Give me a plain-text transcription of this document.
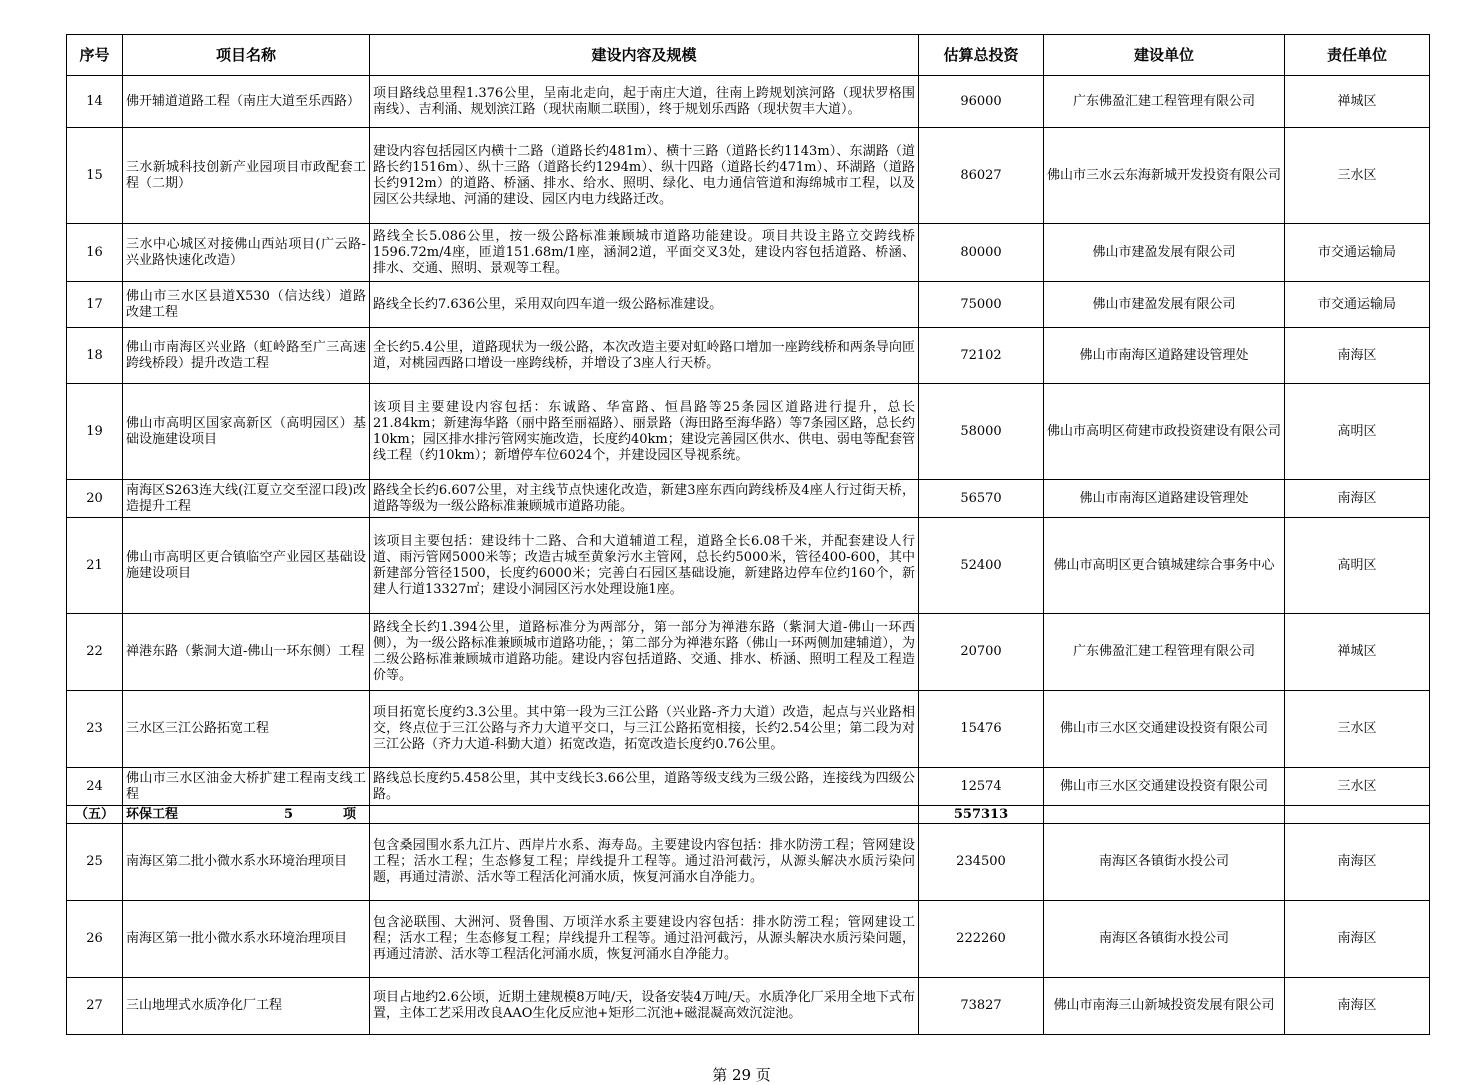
序号	项目名称	建设内容及规模	估算总投资	建设单位	责任单位
14	佛开辅道道路工程（南庄大道至乐西路）	项目路线总里程1.376公里，呈南北走向，起于南庄大道，往南上跨规划滨河路（现状罗格围南线）、吉利涌、规划滨江路（现状南顺二联围），终于规划乐西路（现状贺丰大道）。	96000	广东佛盈汇建工程管理有限公司	禅城区
15	三水新城科技创新产业园项目市政配套工程（二期）	建设内容包括园区内横十二路（道路长约481m）、横十三路（道路长约1143m）、东湖路（道路长约1516m）、纵十三路（道路长约1294m）、纵十四路（道路长约471m）、环湖路（道路长约912m）的道路、桥涵、排水、给水、照明、绿化、电力通信管道和海绵城市工程，以及园区公共绿地、河涌的建设、园区内电力线路迁改。	86027	佛山市三水云东海新城开发投资有限公司	三水区
16	三水中心城区对接佛山西站项目(广云路-兴业路快速化改造）	路线全长5.086公里，按一级公路标准兼顾城市道路功能建设。项目共设主路立交跨线桥1596.72m/4座，匝道151.68m/1座，涵洞2道，平面交叉3处，建设内容包括道路、桥涵、排水、交通、照明、景观等工程。	80000	佛山市建盈发展有限公司	市交通运输局
17	佛山市三水区县道X530（信达线）道路改建工程	路线全长约7.636公里，采用双向四车道一级公路标准建设。	75000	佛山市建盈发展有限公司	市交通运输局
18	佛山市南海区兴业路（虹岭路至广三高速跨线桥段）提升改造工程	全长约5.4公里，道路现状为一级公路，本次改造主要对虹岭路口增加一座跨线桥和两条导向匝道，对桃园西路口增设一座跨线桥，并增设了3座人行天桥。	72102	佛山市南海区道路建设管理处	南海区
19	佛山市高明区国家高新区（高明园区）基础设施建设项目	该项目主要建设内容包括：东诚路、华富路、恒昌路等25条园区道路进行提升，总长21.84km；新建海华路（丽中路至丽福路）、丽景路（海田路至海华路）等7条园区路，总长约10km；园区排水排污管网实施改造，长度约40km；建设完善园区供水、供电、弱电等配套管线工程（约10km）；新增停车位6024个，并建设园区导视系统。	58000	佛山市高明区荷建市政投资建设有限公司	高明区
20	南海区S263连大线(江夏立交至涩口段)改造提升工程	路线全长约6.607公里，对主线节点快速化改造，新建3座东西向跨线桥及4座人行过街天桥，道路等级为一级公路标准兼顾城市道路功能。	56570	佛山市南海区道路建设管理处	南海区
21	佛山市高明区更合镇临空产业园区基础设施建设项目	该项目主要包括：建设纬十二路、合和大道辅道工程，道路全长6.08千米，并配套建设人行道、雨污管网5000米等；改造古城至黄象污水主管网，总长约5000米，管径400-600，其中新建部分管径1500，长度约6000米；完善白石园区基础设施，新建路边停车位约160个，新建人行道13327㎡；建设小洞园区污水处理设施1座。	52400	佛山市高明区更合镇城建综合事务中心	高明区
22	禅港东路（紫洞大道-佛山一环东侧）工程	路线全长约1.394公里，道路标准分为两部分，第一部分为禅港东路（紫洞大道-佛山一环西侧），为一级公路标准兼顾城市道路功能，；第二部分为禅港东路（佛山一环两侧加建辅道），为二级公路标准兼顾城市道路功能。建设内容包括道路、交通、排水、桥涵、照明工程及工程造价等。	20700	广东佛盈汇建工程管理有限公司	禅城区
23	三水区三江公路拓宽工程	项目拓宽长度约3.3公里。其中第一段为三江公路（兴业路-齐力大道）改造，起点与兴业路相交，终点位于三江公路与齐力大道平交口，与三江公路拓宽相接，长约2.54公里；第二段为对三江公路（齐力大道-科勤大道）拓宽改造，拓宽改造长度约0.76公里。	15476	佛山市三水区交通建设投资有限公司	三水区
24	佛山市三水区油金大桥扩建工程南支线工程	路线总长度约5.458公里，其中支线长3.66公里，道路等级支线为三级公路，连接线为四级公路。	12574	佛山市三水区交通建设投资有限公司	三水区
（五）	环保工程 5 项		557313		
25	南海区第二批小微水系水环境治理项目	包含桑园围水系九江片、西岸片水系、海寿岛。主要建设内容包括：排水防涝工程；管网建设工程；活水工程；生态修复工程；岸线提升工程等。通过沿河截污，从源头解决水质污染问题，再通过清淤、活水等工程活化河涌水质，恢复河涌水自净能力。	234500	南海区各镇街水投公司	南海区
26	南海区第一批小微水系水环境治理项目	包含泌联围、大洲河、贤鲁围、万顷洋水系主要建设内容包括：排水防涝工程；管网建设工程；活水工程；生态修复工程；岸线提升工程等。通过沿河截污，从源头解决水质污染问题，再通过清淤、活水等工程活化河涌水质，恢复河涌水自净能力。	222260	南海区各镇街水投公司	南海区
27	三山地埋式水质净化厂工程	项目占地约2.6公顷，近期土建规模8万吨/天，设备安装4万吨/天。水质净化厂采用全地下式布置，主体工艺采用改良AAO生化反应池+矩形二沉池+磁混凝高效沉淀池。	73827	佛山市南海三山新城投资发展有限公司	南海区
第 29 页
